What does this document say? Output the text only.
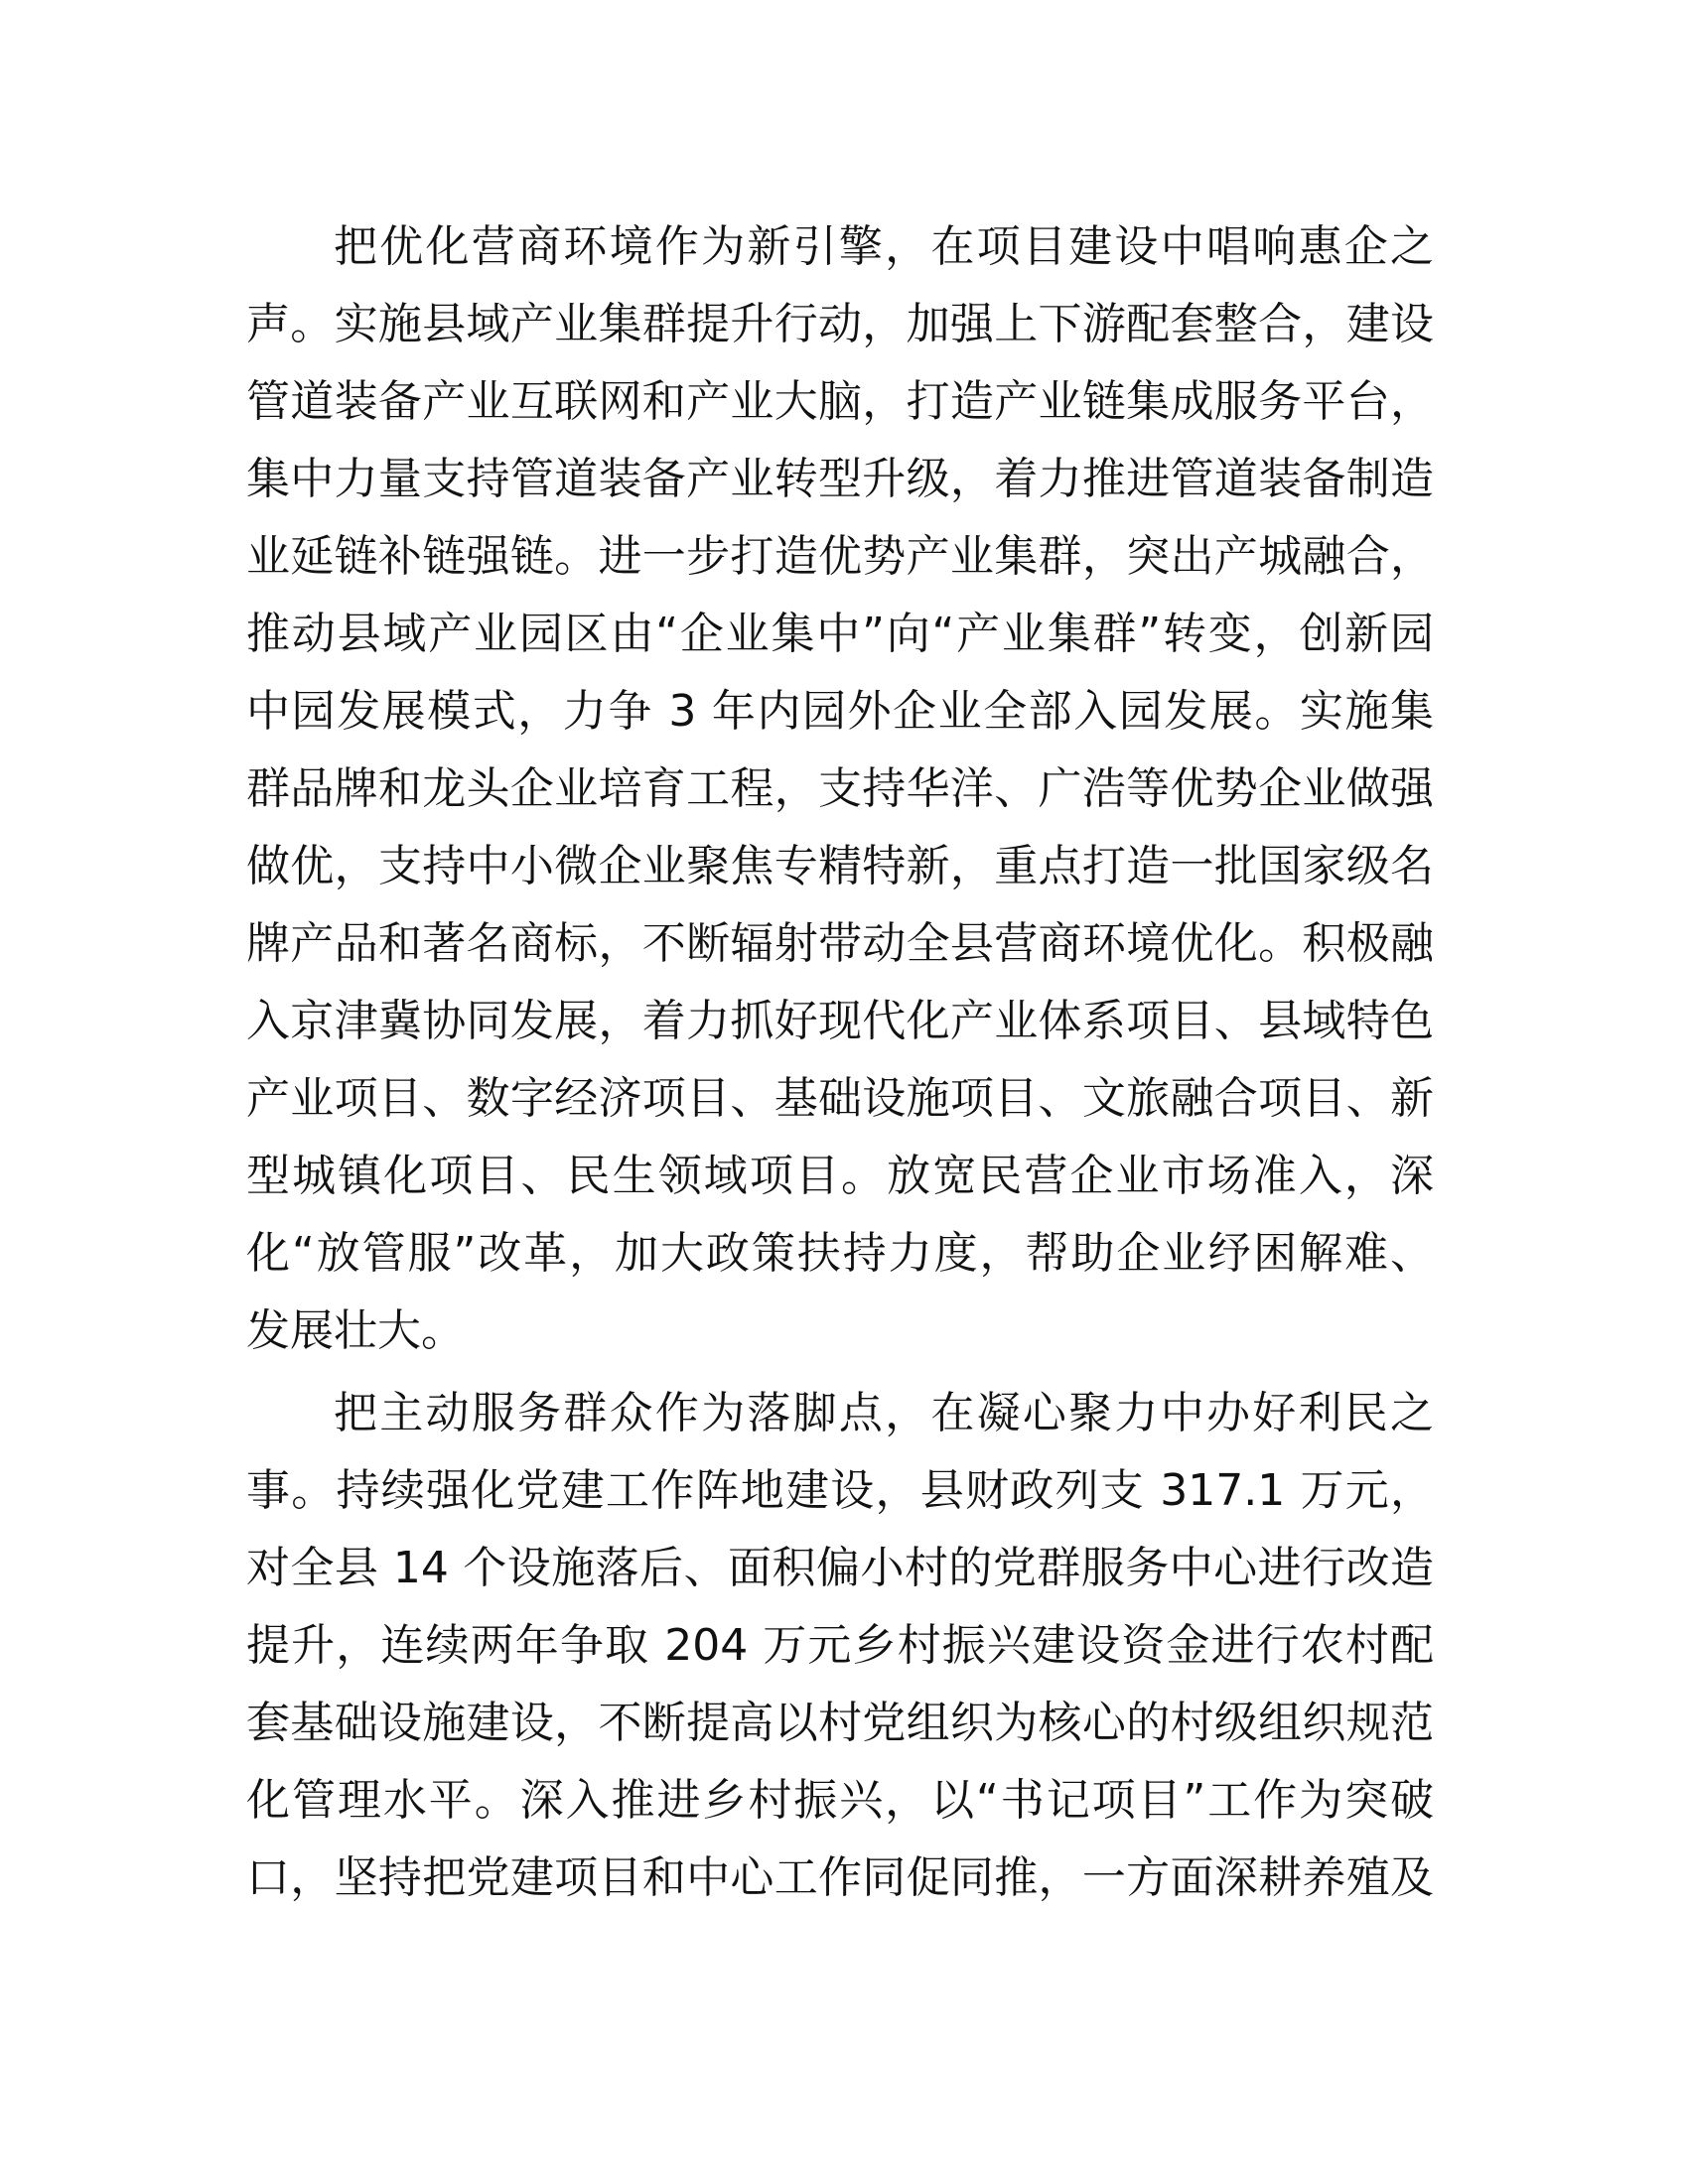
把优化营商环境作为新引擎，在项目建设中唱响惠企之
声。实施县域产业集群提升行动，加强上下游配套整合，建设
管道装备产业互联网和产业大脑，打造产业链集成服务平台，
集中力量支持管道装备产业转型升级，着力推进管道装备制造
业延链补链强链。进一步打造优势产业集群，突出产城融合，
推动县域产业园区由“企业集中”向“产业集群”转变，创新园
中园发展模式，力争 3 年内园外企业全部入园发展。实施集
群品牌和龙头企业培育工程，支持华洋、广浩等优势企业做强
做优，支持中小微企业聚焦专精特新，重点打造一批国家级名
牌产品和著名商标，不断辐射带动全县营商环境优化。积极融
入京津冀协同发展，着力抓好现代化产业体系项目、县域特色
产业项目、数字经济项目、基础设施项目、文旅融合项目、新
型城镇化项目、民生领域项目。放宽民营企业市场准入，深
化“放管服”改革，加大政策扶持力度，帮助企业纾困解难、
发展壮大。
把主动服务群众作为落脚点，在凝心聚力中办好利民之
事。持续强化党建工作阵地建设，县财政列支 317.1 万元，
对全县 14 个设施落后、面积偏小村的党群服务中心进行改造
提升，连续两年争取 204 万元乡村振兴建设资金进行农村配
套基础设施建设，不断提高以村党组织为核心的村级组织规范
化管理水平。深入推进乡村振兴，以“书记项目”工作为突破
口，坚持把党建项目和中心工作同促同推，一方面深耕养殖及
